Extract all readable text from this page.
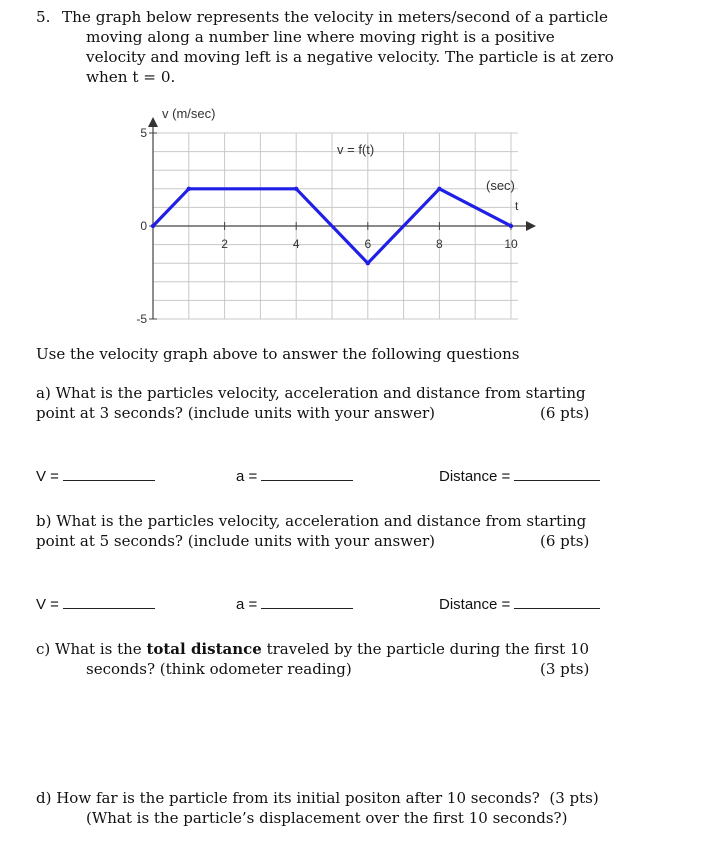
5. The graph below represents the velocity in meters/second of a particle
moving along a number line where moving right is a positive
velocity and moving left is a negative velocity. The particle is at zero
when t = 0.
5
0
-5
2	4	6	8	10
v (m/sec)
v = f(t)
(sec)
t
Use the velocity graph above to answer the following questions
a) What is the particles velocity, acceleration and distance from starting
point at 3 seconds? (include units with your answer)	(6 pts)
V =	a =	Distance =
b) What is the particles velocity, acceleration and distance from starting
point at 5 seconds? (include units with your answer)	(6 pts)
V =	a =	Distance =
c) What is the total distance traveled by the particle during the first 10
seconds? (think odometer reading)	(3 pts)
d) How far is the particle from its initial positon after 10 seconds? (3 pts)
(What is the particle’s displacement over the first 10 seconds?)
